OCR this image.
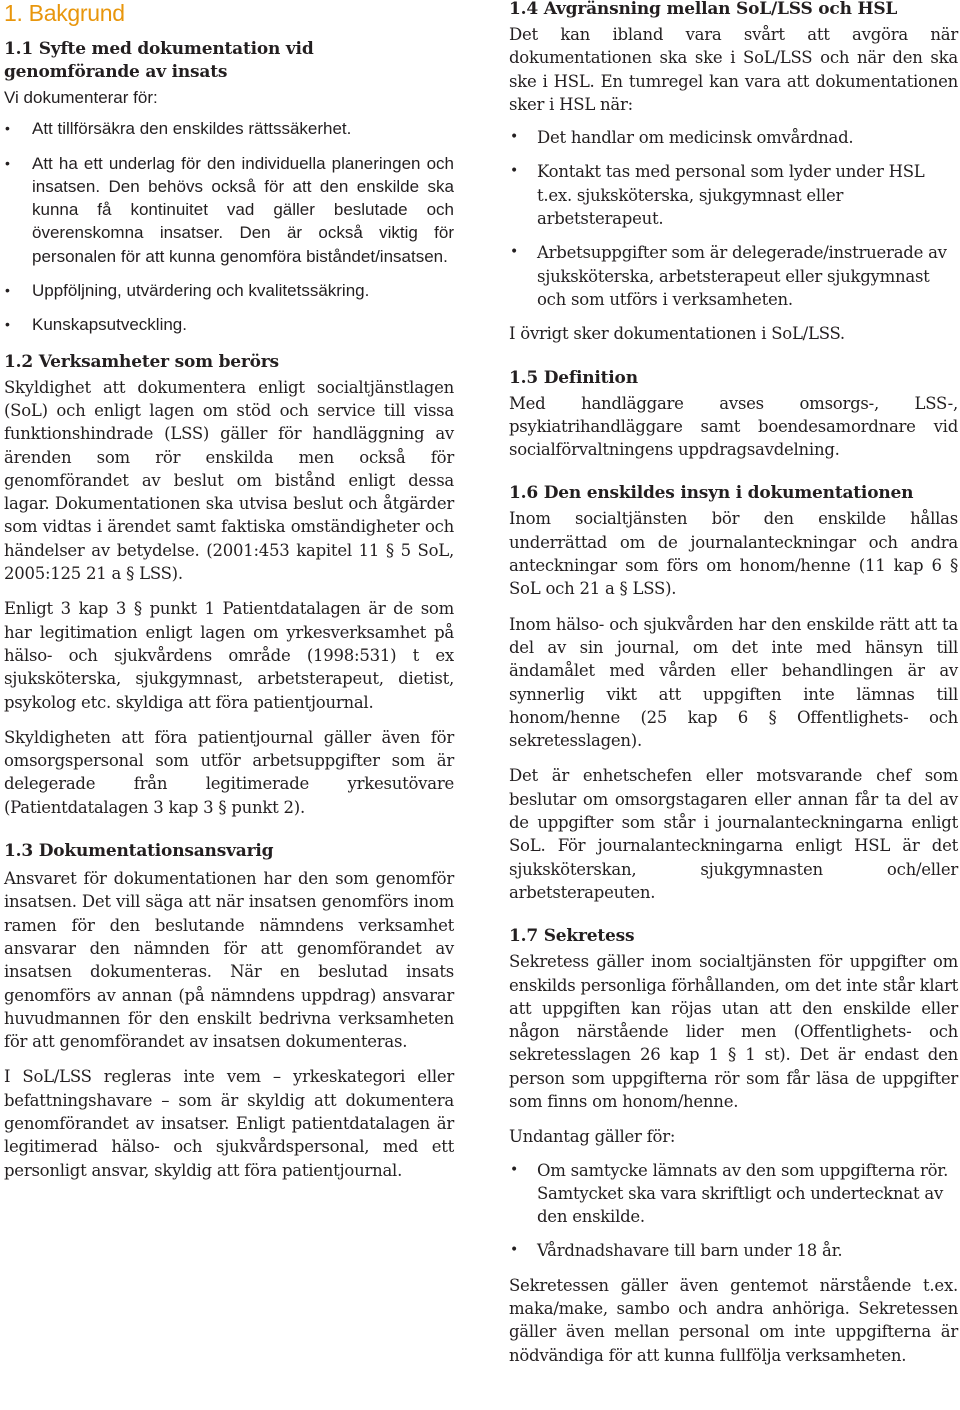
1. Bakgrund
1.1 Syfte med dokumentation vid genomförande av insats

Vi dokumenterar för:

• Att tillförsäkra den enskildes rättssäkerhet.
• Att ha ett underlag för den individuella planeringen och insatsen. Den behövs också för att den enskilde ska kunna få kontinuitet vad gäller beslutade och överenskomna insatser. Den är också viktig för personalen för att kunna genomföra biståndet/insatsen.
• Uppföljning, utvärdering och kvalitetssäkring.
• Kunskapsutveckling.
1.2 Verksamheter som berörs

Skyldighet att dokumentera enligt socialtjänstlagen (SoL) och enligt lagen om stöd och service till vissa funktionshindrade (LSS) gäller för handläggning av ärenden som rör enskilda men också för genomförandet av beslut om bistånd enligt dessa lagar. Dokumentationen ska utvisa beslut och åtgärder som vidtas i ärendet samt faktiska omständigheter och händelser av betydelse. (2001:453 kapitel 11 § 5 SoL, 2005:125 21 a § LSS).

Enligt 3 kap 3 § punkt 1 Patientdatalagen är de som har legitimation enligt lagen om yrkesverksamhet på hälso- och sjukvårdens område (1998:531) t ex sjuksköterska, sjukgymnast, arbetsterapeut, dietist, psykolog etc. skyldiga att föra patientjournal.

Skyldigheten att föra patientjournal gäller även för omsorgspersonal som utför arbetsuppgifter som är delegerade från legitimerade yrkesutövare (Patientdatalagen 3 kap 3 § punkt 2).

1.3 Dokumentationsansvarig

Ansvaret för dokumentationen har den som genomför insatsen. Det vill säga att när insatsen genomförs inom ramen för den beslutande nämndens verksamhet ansvarar den nämnden för att genomförandet av insatsen dokumenteras. När en beslutad insats genomförs av annan (på nämndens uppdrag) ansvarar huvudmannen för den enskilt bedrivna verksamheten för att genomförandet av insatsen dokumenteras.

I SoL/LSS regleras inte vem – yrkeskategori eller befattningshavare – som är skyldig att dokumentera genomförandet av insatser. Enligt patientdatalagen är legitimerad hälso- och sjukvårdspersonal, med ett personligt ansvar, skyldig att föra patientjournal.

1.4 Avgränsning mellan SoL/LSS och HSL

Det kan ibland vara svårt att avgöra när dokumentationen ska ske i SoL/LSS och när den ska ske i HSL. En tumregel kan vara att dokumentationen sker i HSL när:

• Det handlar om medicinsk omvårdnad.
• Kontakt tas med personal som lyder under HSL t.ex. sjuksköterska, sjukgymnast eller arbetsterapeut.
• Arbetsuppgifter som är delegerade/instruerade av sjuksköterska, arbetsterapeut eller sjukgymnast och som utförs i verksamheten.

I övrigt sker dokumentationen i SoL/LSS.

1.5 Definition

Med handläggare avses omsorgs-, LSS-, psykiatrihandläggare samt boendesamordnare vid socialförvaltningens uppdragsavdelning.

1.6 Den enskildes insyn i dokumentationen

Inom socialtjänsten bör den enskilde hållas underrättad om de journalanteckningar och andra anteckningar som förs om honom/henne (11 kap 6 § SoL och 21 a § LSS).

Inom hälso- och sjukvården har den enskilde rätt att ta del av sin journal, om det inte med hänsyn till ändamålet med vården eller behandlingen är av synnerlig vikt att uppgiften inte lämnas till honom/henne (25 kap 6 § Offentlighets- och sekretesslagen).

Det är enhetschefen eller motsvarande chef som beslutar om omsorgstagaren eller annan får ta del av de uppgifter som står i journalanteckningarna enligt SoL. För journalanteckningarna enligt HSL är det sjuksköterskan, sjukgymnasten och/eller arbetsterapeuten.

1.7 Sekretess

Sekretess gäller inom socialtjänsten för uppgifter om enskilds personliga förhållanden, om det inte står klart att uppgiften kan röjas utan att den enskilde eller någon närstående lider men (Offentlighets- och sekretesslagen 26 kap 1 § 1 st). Det är endast den person som uppgifterna rör som får läsa de uppgifter som finns om honom/henne.

Undantag gäller för:

• Om samtycke lämnats av den som uppgifterna rör. Samtycket ska vara skriftligt och undertecknat av den enskilde.
• Vårdnadshavare till barn under 18 år.

Sekretessen gäller även gentemot närstående t.ex. maka/make, sambo och andra anhöriga. Sekretessen gäller även mellan personal om inte uppgifterna är nödvändiga för att kunna fullfölja verksamheten.
